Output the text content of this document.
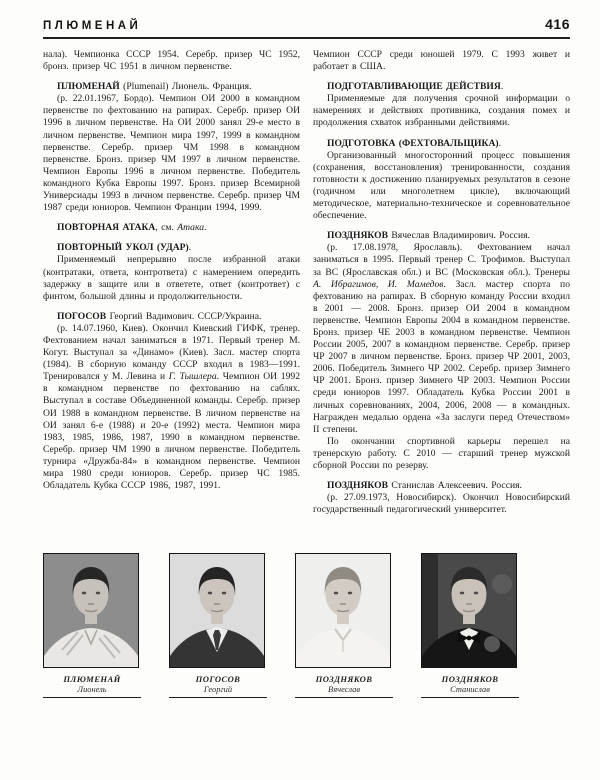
ПЛЮМЕНАЙ	416

нала). Чемпионка СССР 1954. Серебр. призер ЧС 1952, бронз. призер ЧС 1951 в личном первенстве.

ПЛЮМЕНАЙ (Plumenail) Лионель. Франция.

(р. 22.01.1967, Бордо). Чемпион ОИ 2000 в командном первенстве по фехтованию на рапирах. Серебр. призер ОИ 1996 в личном первенстве. На ОИ 2000 занял 29-е место в личном первенстве. Чемпион мира 1997, 1999 в командном первенстве. Серебр. призер ЧМ 1998 в командном первенстве. Бронз. призер ЧМ 1997 в личном первенстве. Чемпион Европы 1996 в личном первенстве. Победитель командного Кубка Европы 1997. Бронз. призер Всемирной Универсиады 1993 в личном первенстве. Серебр. призер ЧМ 1987 среди юниоров. Чемпион Франции 1994, 1999.

ПОВТОРНАЯ АТАКА, см. Атака.

ПОВТОРНЫЙ УКОЛ (УДАР).

Применяемый непрерывно после избранной атаки (контратаки, ответа, контрответа) с намерением опередить задержку в защите или в ответете, ответ (контрответ) с финтом, большой длины и продолжительности.

ПОГОСОВ Георгий Вадимович. СССР/Украина.

(р. 14.07.1960, Киев). Окончил Киевский ГИФК, тренер. Фехтованием начал заниматься в 1971. Первый тренер М. Когут. Выступал за «Динамо» (Киев). Засл. мастер спорта (1984). В сборную команду СССР входил в 1983—1991. Тренировался у М. Левина и Г. Тышлера. Чемпион ОИ 1992 в командном первенстве по фехтованию на саблях. Выступал в составе Объединенной команды. Серебр. призер ОИ 1988 в командном первенстве. В личном первенстве на ОИ занял 6-е (1988) и 20-е (1992) места. Чемпион мира 1983, 1985, 1986, 1987, 1990 в командном первенстве. Серебр. призер ЧМ 1990 в личном первенстве. Победитель турнира «Дружба-84» в командном первенстве. Чемпион мира 1980 среди юниоров. Серебр. призер ЧС 1985. Обладатель Кубка СССР 1986, 1987, 1991.

Чемпион СССР среди юношей 1979. С 1993 живет и работает в США.

ПОДГОТАВЛИВАЮЩИЕ ДЕЙСТВИЯ.

Применяемые для получения срочной информации о намерениях и действиях противника, создания помех и продолжения схваток избранными действиями.

ПОДГОТОВКА (ФЕХТОВАЛЬЩИКА).

Организованный многосторонний процесс повышения (сохранения, восстановления) тренированности, создания готовности к достижению планируемых результатов в сезоне (годичном или многолетнем цикле), включающий методическое, материально-техническое и соревновательное обеспечение.

ПОЗДНЯКОВ Вячеслав Владимирович. Россия.

(р. 17.08.1978, Ярославль). Фехтованием начал заниматься в 1995. Первый тренер С. Трофимов. Выступал за ВС (Ярославская обл.) и ВС (Московская обл.). Тренеры А. Ибрагимов, И. Мамедов. Засл. мастер спорта по фехтованию на рапирах. В сборную команду России входил в 2001 — 2008. Бронз. призер ОИ 2004 в командном первенстве. Чемпион Европы 2004 в командном первенстве. Бронз. призер ЧЕ 2003 в командном первенстве. Чемпион России 2005, 2007 в командном первенстве. Серебр. призер ЧР 2007 в личном первенстве. Бронз. призер ЧР 2001, 2003, 2006. Победитель Зимнего ЧР 2002. Серебр. призер Зимнего ЧР 2001. Бронз. призер Зимнего ЧР 2003. Чемпион России среди юниоров 1997. Обладатель Кубка России 2001 в личных соревнованиях, 2004, 2006, 2008 — в командных. Награжден медалью ордена «За заслуги перед Отечеством» II степени.

По окончании спортивной карьеры перешел на тренерскую работу. С 2010 — старший тренер мужской сборной России по резерву.

ПОЗДНЯКОВ Станислав Алексеевич. Россия.

(р. 27.09.1973, Новосибирск). Окончил Новосибирский государственный педагогический университет.

ПЛЮМЕНАЙ
Лионель
ПОГОСОВ
Георгий
ПОЗДНЯКОВ
Вячеслав
ПОЗДНЯКОВ
Станислав
